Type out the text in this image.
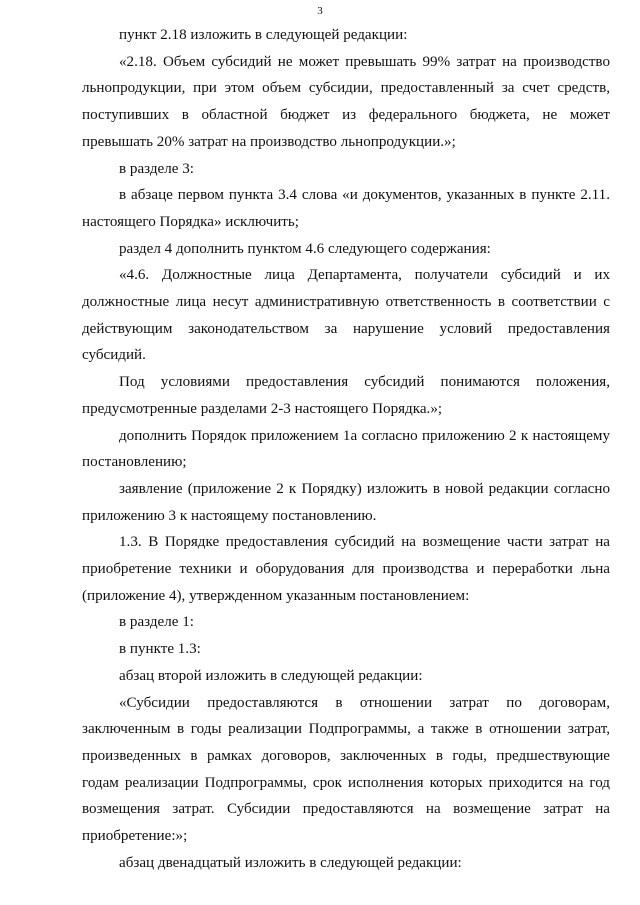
3

пункт 2.18 изложить в следующей редакции:

«2.18. Объем субсидий не может превышать 99% затрат на производство льнопродукции, при этом объем субсидии, предоставленный за счет средств, поступивших в областной бюджет из федерального бюджета, не может превышать 20% затрат на производство льнопродукции.»;

в разделе 3:

в абзаце первом пункта 3.4 слова «и документов, указанных в пункте 2.11. настоящего Порядка» исключить;

раздел 4 дополнить пунктом 4.6 следующего содержания:

«4.6. Должностные лица Департамента, получатели субсидий и их должностные лица несут административную ответственность в соответствии с действующим законодательством за нарушение условий предоставления субсидий.

Под условиями предоставления субсидий понимаются положения, предусмотренные разделами 2-3 настоящего Порядка.»;

дополнить Порядок приложением 1а согласно приложению 2 к настоящему постановлению;

заявление (приложение 2 к Порядку) изложить в новой редакции согласно приложению 3 к настоящему постановлению.

1.3. В Порядке предоставления субсидий на возмещение части затрат на приобретение техники и оборудования для производства и переработки льна (приложение 4), утвержденном указанным постановлением:

в разделе 1:

в пункте 1.3:

абзац второй изложить в следующей редакции:

«Субсидии предоставляются в отношении затрат по договорам, заключенным в годы реализации Подпрограммы, а также в отношении затрат, произведенных в рамках договоров, заключенных в годы, предшествующие годам реализации Подпрограммы, срок исполнения которых приходится на год возмещения затрат. Субсидии предоставляются на возмещение затрат на приобретение:»;

абзац двенадцатый изложить в следующей редакции:
